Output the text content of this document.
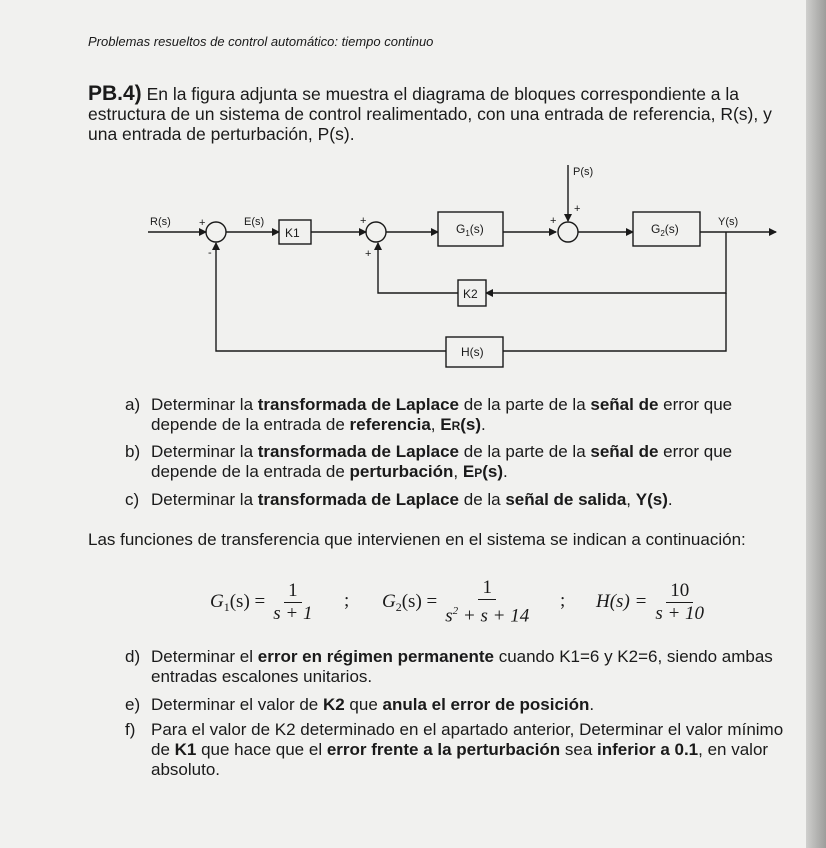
Problemas resueltos de control automático: tiempo continuo
PB.4) En la figura adjunta se muestra el diagrama de bloques correspondiente a la estructura de un sistema de control realimentado, con una entrada de referencia, R(s), y una entrada de perturbación, P(s).
R(s)	E(s)
P(s)
Y(s)
+
-
+
+
+
+
K1
K2
H(s)
$G_1(s)$	$G_2(s)$
a) Determinar la transformada de Laplace de la parte de la señal de error que depende de la entrada de referencia, ER(s).
b) Determinar la transformada de Laplace de la parte de la señal de error que depende de la entrada de perturbación, EP(s).
c) Determinar la transformada de Laplace de la señal de salida, Y(s).
Las funciones de transferencia que intervienen en el sistema se indican a continuación:
G 1 $(s) = \frac{1}{s + 1}$ ; G 2 $(s) = \frac{1}{s^2 + s + 14}$ ; $H(s) = \frac{10}{s + 10}$
d) Determinar el error en régimen permanente cuando K1=6 y K2=6, siendo ambas entradas escalones unitarios.
e) Determinar el valor de K2 que anula el error de posición.
f) Para el valor de K2 determinado en el apartado anterior, Determinar el valor mínimo de K1 que hace que el error frente a la perturbación sea inferior a 0.1, en valor absoluto.
